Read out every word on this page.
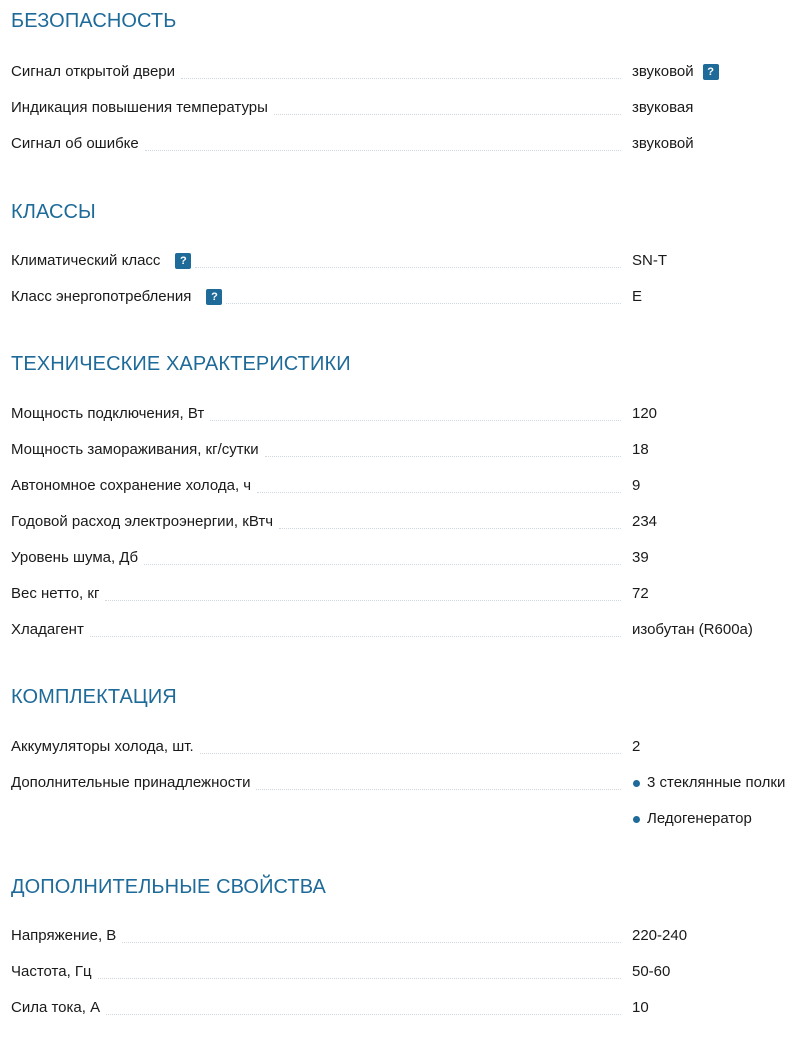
БЕЗОПАСНОСТЬ
Сигнал открытой двери	звуковой	?
Индикация повышения температуры	звуковая
Сигнал об ошибке	звуковой
КЛАССЫ
Климатический класс	?	SN-T
Класс энергопотребления	?	E
ТЕХНИЧЕСКИЕ ХАРАКТЕРИСТИКИ
Мощность подключения, Вт	120
Мощность замораживания, кг/сутки	18
Автономное сохранение холода, ч	9
Годовой расход электроэнергии, кВтч	234
Уровень шума, Дб	39
Вес нетто, кг	72
Хладагент	изобутан (R600a)
КОМПЛЕКТАЦИЯ
Аккумуляторы холода, шт.	2
Дополнительные принадлежности	3 стеклянные полки
Ледогенератор
ДОПОЛНИТЕЛЬНЫЕ СВОЙСТВА
Напряжение, В	220-240
Частота, Гц	50-60
Сила тока, А	10
